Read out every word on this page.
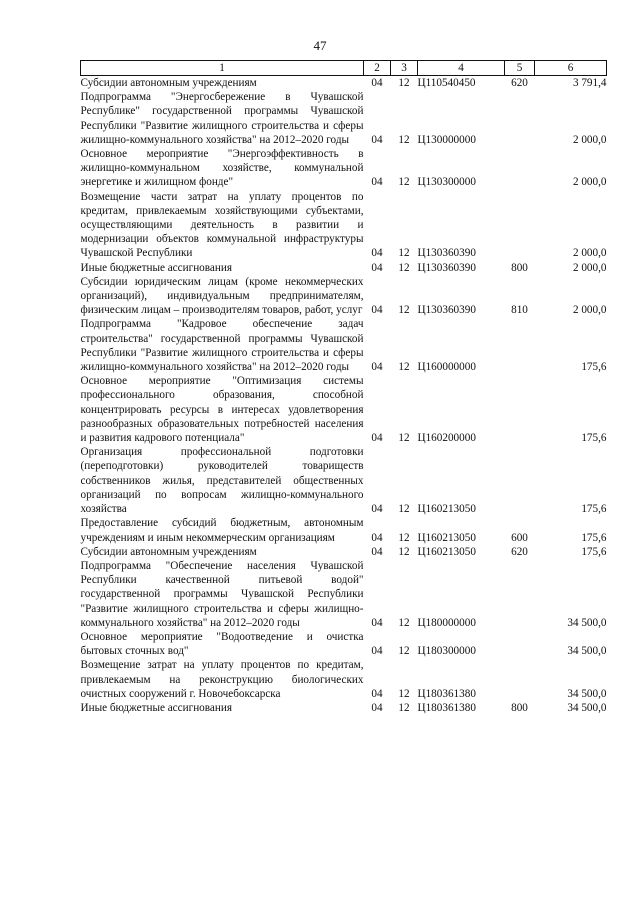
47
1	2	3	4	5	6
Субсидии автономным учреждениям	04	12	Ц110540450	620	3 791,4
Подпрограмма "Энергосбережение в Чувашской Республике" государственной программы Чувашской Республики "Развитие жилищного строительства и сферы жилищно-коммунального хозяйства" на 2012–2020 годы	04	12	Ц130000000		2 000,0
Основное мероприятие "Энергоэффективность в жилищно-коммунальном хозяйстве, коммунальной энергетике и жилищном фонде"	04	12	Ц130300000		2 000,0
Возмещение части затрат на уплату процентов по кредитам, привлекаемым хозяйствующими субъектами, осуществляющими деятельность в развитии и модернизации объектов коммунальной инфраструктуры Чувашской Республики	04	12	Ц130360390		2 000,0
Иные бюджетные ассигнования	04	12	Ц130360390	800	2 000,0
Субсидии юридическим лицам (кроме некоммерческих организаций), индивидуальным предпринимателям, физическим лицам – производителям товаров, работ, услуг	04	12	Ц130360390	810	2 000,0
Подпрограмма "Кадровое обеспечение задач строительства" государственной программы Чувашской Республики "Развитие жилищного строительства и сферы жилищно-коммунального хозяйства" на 2012–2020 годы	04	12	Ц160000000		175,6
Основное мероприятие "Оптимизация системы профессионального образования, способной концентрировать ресурсы в интересах удовлетворения разнообразных образовательных потребностей населения и развития кадрового потенциала"	04	12	Ц160200000		175,6
Организация профессиональной подготовки (переподготовки) руководителей товариществ собственников жилья, представителей общественных организаций по вопросам жилищно-коммунального хозяйства	04	12	Ц160213050		175,6
Предоставление субсидий бюджетным, автономным учреждениям и иным некоммерческим организациям	04	12	Ц160213050	600	175,6
Субсидии автономным учреждениям	04	12	Ц160213050	620	175,6
Подпрограмма "Обеспечение населения Чувашской Республики качественной питьевой водой" государственной программы Чувашской Республики "Развитие жилищного строительства и сферы жилищно-коммунального хозяйства" на 2012–2020 годы	04	12	Ц180000000		34 500,0
Основное мероприятие "Водоотведение и очистка бытовых сточных вод"	04	12	Ц180300000		34 500,0
Возмещение затрат на уплату процентов по кредитам, привлекаемым на реконструкцию биологических очистных сооружений г. Новочебоксарска	04	12	Ц180361380		34 500,0
Иные бюджетные ассигнования	04	12	Ц180361380	800	34 500,0
